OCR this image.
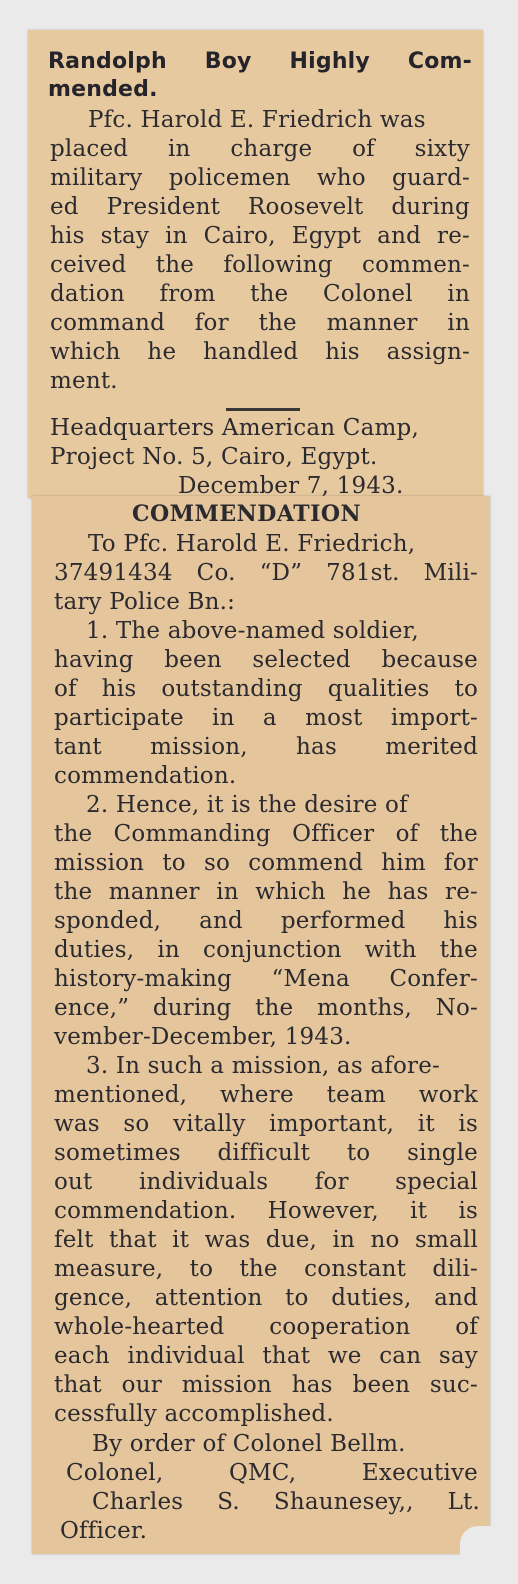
Randolph Boy Highly Com-

mended.

Pfc. Harold E. Friedrich was

placed in charge of sixty

military policemen who guard-

ed President Roosevelt during

his stay in Cairo, Egypt and re-

ceived the following commen-

dation from the Colonel in

command for the manner in

which he handled his assign-

ment.

Headquarters American Camp,

Project No. 5, Cairo, Egypt.

December 7, 1943.

COMMENDATION

To Pfc. Harold E. Friedrich,

37491434 Co. “D” 781st. Mili-

tary Police Bn.:

1. The above-named soldier,

having been selected because

of his outstanding qualities to

participate in a most import-

tant mission, has merited

commendation.

2. Hence, it is the desire of

the Commanding Officer of the

mission to so commend him for

the manner in which he has re-

sponded, and performed his

duties, in conjunction with the

history-making “Mena Confer-

ence,” during the months, No-

vember-December, 1943.

3. In such a mission, as afore-

mentioned, where team work

was so vitally important, it is

sometimes difficult to single

out individuals for special

commendation. However, it is

felt that it was due, in no small

measure, to the constant dili-

gence, attention to duties, and

whole-hearted cooperation of

each individual that we can say

that our mission has been suc-

cessfully accomplished.

By order of Colonel Bellm.

Colonel, QMC, Executive

Charles S. Shaunesey,, Lt.

Officer.
